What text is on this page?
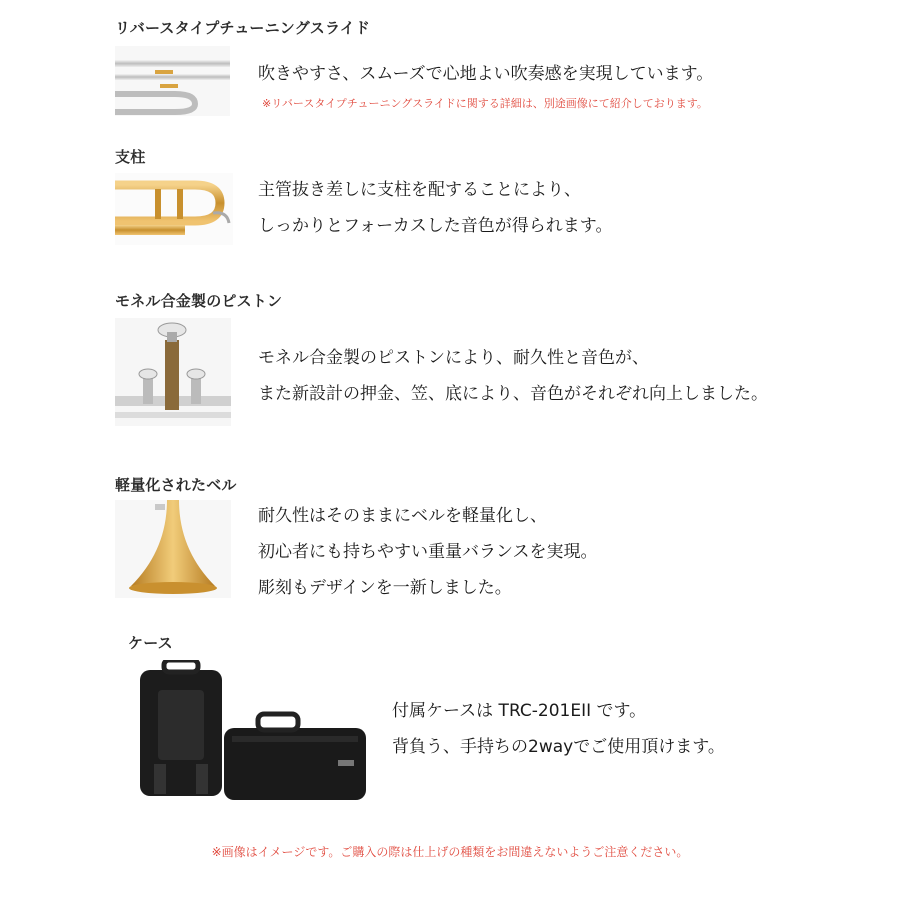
リバースタイプチューニングスライド
吹きやすさ、スムーズで心地よい吹奏感を実現しています。
※リバースタイプチューニングスライドに関する詳細は、別途画像にて紹介しております。
支柱
主管抜き差しに支柱を配することにより、
しっかりとフォーカスした音色が得られます。
モネル合金製のピストン
モネル合金製のピストンにより、耐久性と音色が、
また新設計の押金、笠、底により、音色がそれぞれ向上しました。
軽量化されたベル
耐久性はそのままにベルを軽量化し、
初心者にも持ちやすい重量バランスを実現。
彫刻もデザインを一新しました。
ケース
付属ケースは TRC-201EII です。
背負う、手持ちの2wayでご使用頂けます。
※画像はイメージです。ご購入の際は仕上げの種類をお間違えないようご注意ください。
